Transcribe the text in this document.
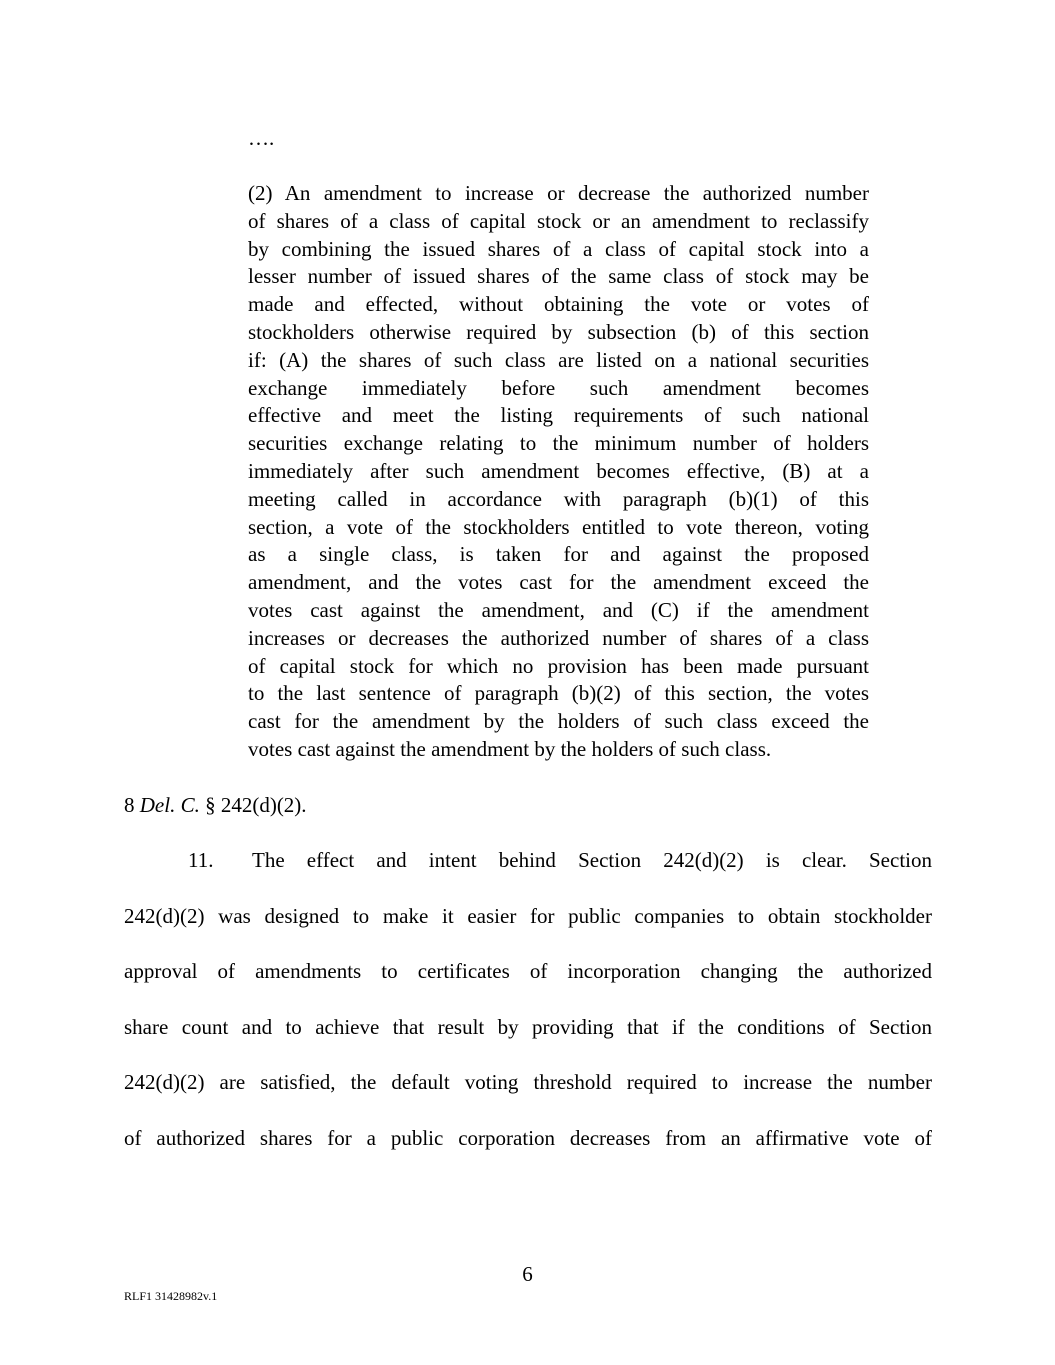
….
(2) An amendment to increase or decrease the authorized number
of shares of a class of capital stock or an amendment to reclassify
by combining the issued shares of a class of capital stock into a
lesser number of issued shares of the same class of stock may be
made and effected, without obtaining the vote or votes of
stockholders otherwise required by subsection (b) of this section
if: (A) the shares of such class are listed on a national securities
exchange immediately before such amendment becomes
effective and meet the listing requirements of such national
securities exchange relating to the minimum number of holders
immediately after such amendment becomes effective, (B) at a
meeting called in accordance with paragraph (b)(1) of this
section, a vote of the stockholders entitled to vote thereon, voting
as a single class, is taken for and against the proposed
amendment, and the votes cast for the amendment exceed the
votes cast against the amendment, and (C) if the amendment
increases or decreases the authorized number of shares of a class
of capital stock for which no provision has been made pursuant
to the last sentence of paragraph (b)(2) of this section, the votes
cast for the amendment by the holders of such class exceed the
votes cast against the amendment by the holders of such class.
8 Del. C. § 242(d)(2).
11.	The effect and intent behind Section 242(d)(2) is clear. Section
242(d)(2) was designed to make it easier for public companies to obtain stockholder
approval of amendments to certificates of incorporation changing the authorized
share count and to achieve that result by providing that if the conditions of Section
242(d)(2) are satisfied, the default voting threshold required to increase the number
of authorized shares for a public corporation decreases from an affirmative vote of
6
RLF1 31428982v.1
